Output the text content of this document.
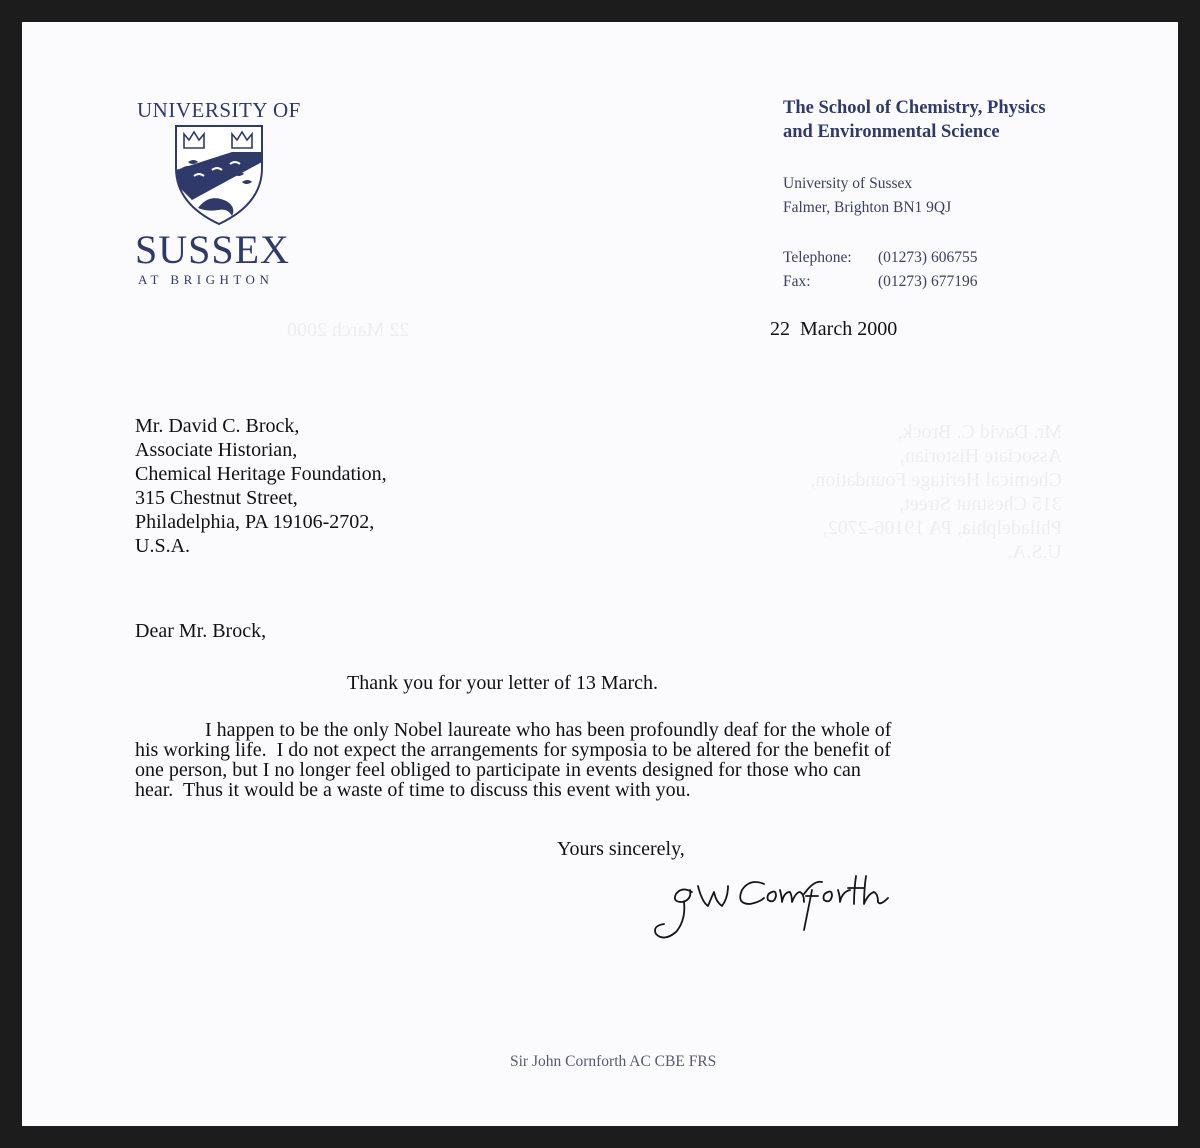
22 March 2000
Mr. David C. Brock,
Associate Historian,
Chemical Heritage Foundation,
315 Chestnut Street,
Philadelphia, PA 19106-2702,
U.S.A.
UNIVERSITY OF
SUSSEX
AT BRIGHTON
The School of Chemistry, Physics
and Environmental Science
University of Sussex
Falmer, Brighton BN1 9QJ
Telephone: (01273) 606755
Fax:	(01273) 677196
22  March 2000
Mr. David C. Brock,
Associate Historian,
Chemical Heritage Foundation,
315 Chestnut Street,
Philadelphia, PA 19106-2702,
U.S.A.
Dear Mr. Brock,
Thank you for your letter of 13 March.
I happen to be the only Nobel laureate who has been profoundly deaf for the whole of
his working life.  I do not expect the arrangements for symposia to be altered for the benefit of
one person, but I no longer feel obliged to participate in events designed for those who can
hear.  Thus it would be a waste of time to discuss this event with you.
Yours sincerely,
Sir John Cornforth AC CBE FRS
